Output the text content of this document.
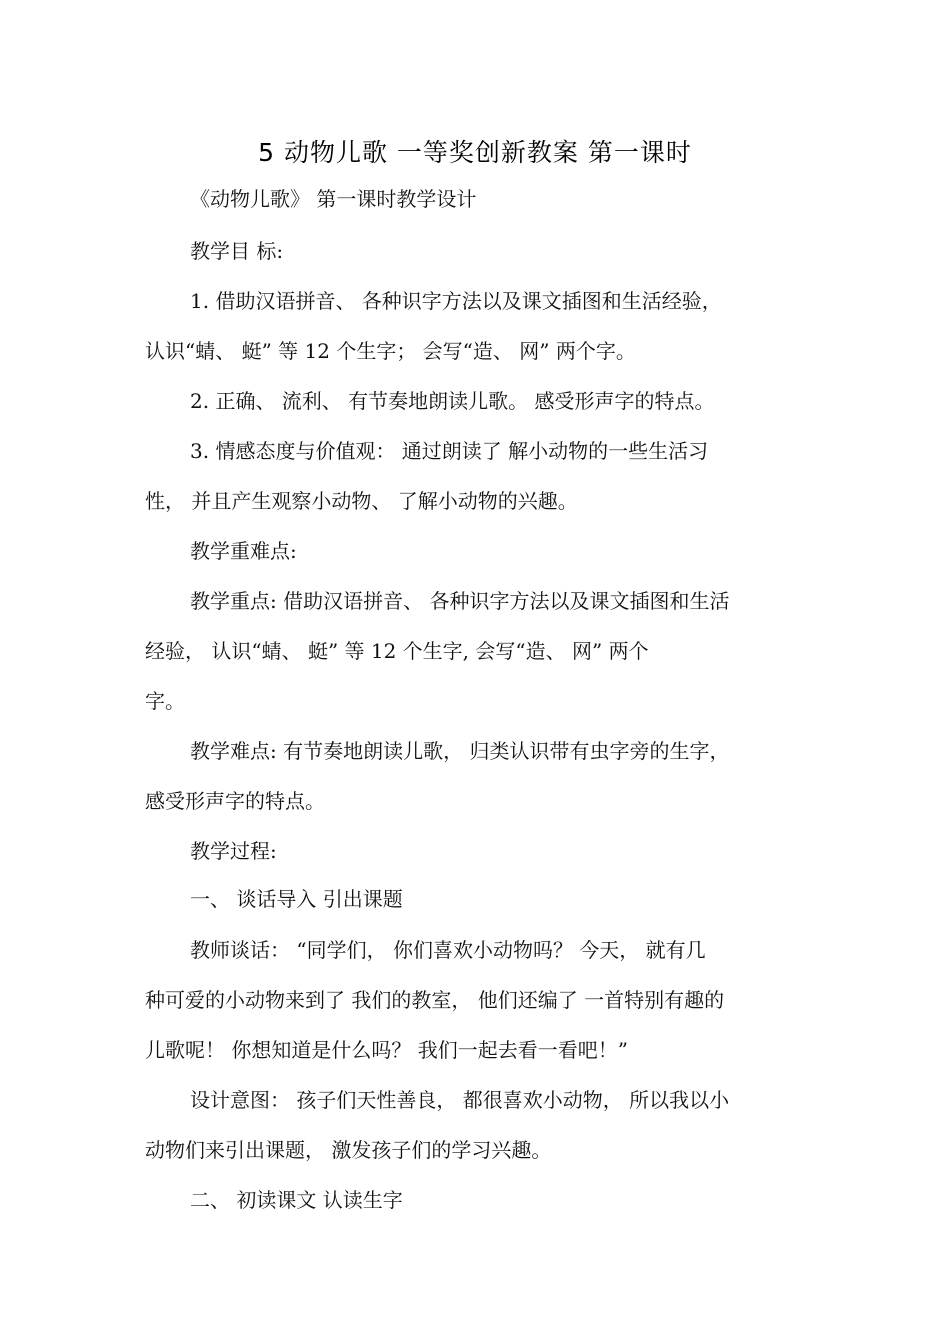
5 动物儿歌 一等奖创新教案 第一课时
《动物儿歌》 第一课时教学设计
教学目 标:
1. 借助汉语拼音、 各种识字方法以及课文插图和生活经验，
认识“蜻、 蜓” 等 12 个生字； 会写“造、 网” 两个字。
2. 正确、 流利、 有节奏地朗读儿歌。 感受形声字的特点。
3. 情感态度与价值观： 通过朗读了 解小动物的一些生活习
性， 并且产生观察小动物、 了解小动物的兴趣。
教学重难点:
教学重点: 借助汉语拼音、 各种识字方法以及课文插图和生活
经验， 认识“蜻、 蜓” 等 12 个生字, 会写“造、 网” 两个
字。
教学难点: 有节奏地朗读儿歌， 归类认识带有虫字旁的生字，
感受形声字的特点。
教学过程:
一、 谈话导入 引出课题
教师谈话： “同学们， 你们喜欢小动物吗？ 今天， 就有几
种可爱的小动物来到了 我们的教室， 他们还编了 一首特别有趣的
儿歌呢！ 你想知道是什么吗？ 我们一起去看一看吧！”
设计意图： 孩子们天性善良， 都很喜欢小动物， 所以我以小
动物们来引出课题， 激发孩子们的学习兴趣。
二、 初读课文 认读生字
